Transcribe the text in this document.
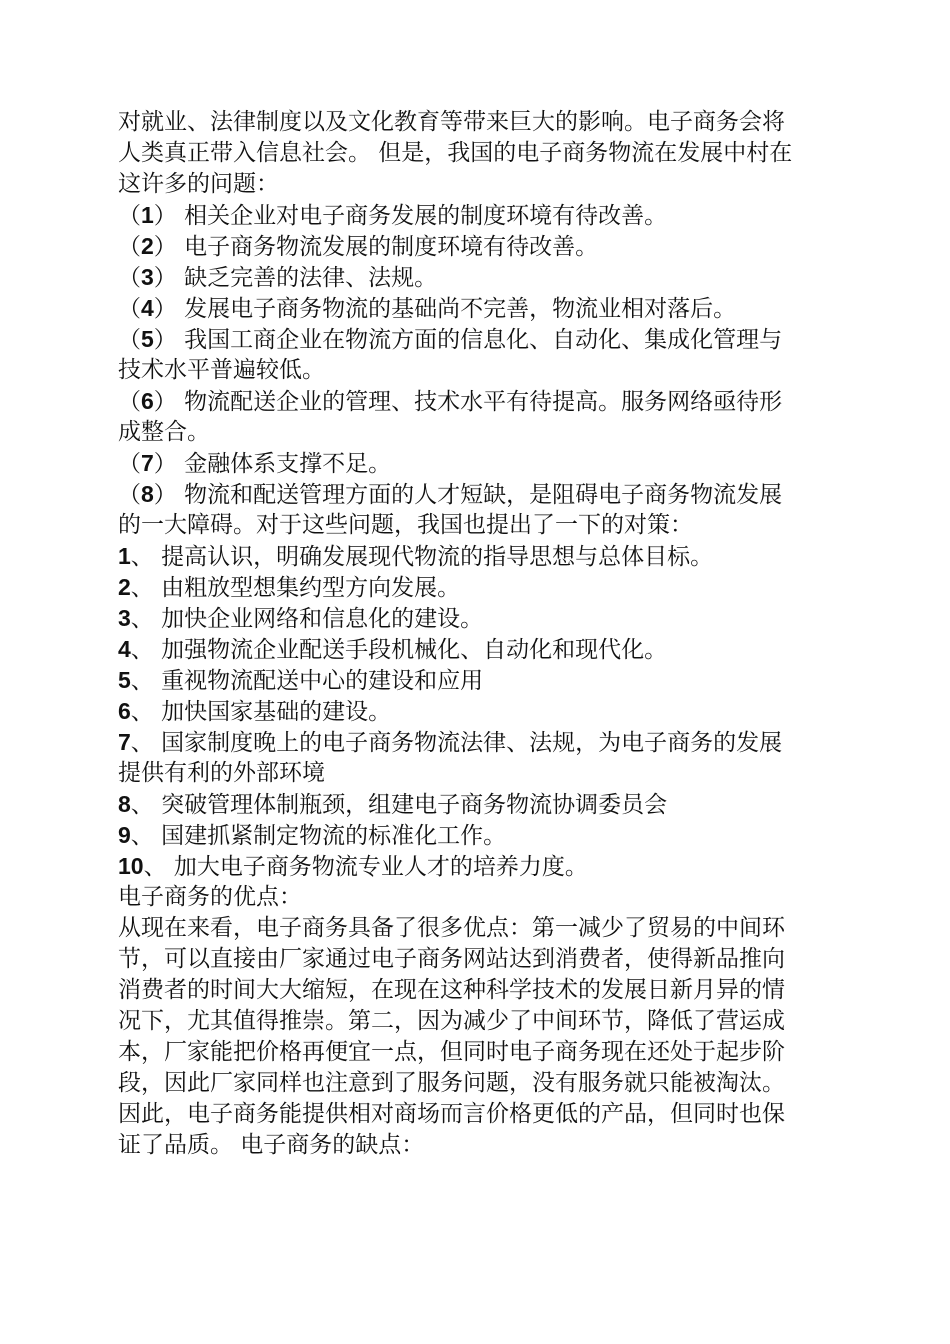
对就业、法律制度以及文化教育等带来巨大的影响。电子商务会将
人类真正带入信息社会。 但是，我国的电子商务物流在发展中村在
这许多的问题：
（1） 相关企业对电子商务发展的制度环境有待改善。
（2） 电子商务物流发展的制度环境有待改善。
（3） 缺乏完善的法律、法规。
（4） 发展电子商务物流的基础尚不完善，物流业相对落后。
（5） 我国工商企业在物流方面的信息化、自动化、集成化管理与
技术水平普遍较低。
（6） 物流配送企业的管理、技术水平有待提高。服务网络亟待形
成整合。
（7） 金融体系支撑不足。
（8） 物流和配送管理方面的人才短缺，是阻碍电子商务物流发展
的一大障碍。对于这些问题，我国也提出了一下的对策：
1、 提高认识，明确发展现代物流的指导思想与总体目标。
2、 由粗放型想集约型方向发展。
3、 加快企业网络和信息化的建设。
4、 加强物流企业配送手段机械化、自动化和现代化。
5、 重视物流配送中心的建设和应用
6、 加快国家基础的建设。
7、 国家制度晚上的电子商务物流法律、法规，为电子商务的发展
提供有利的外部环境
8、 突破管理体制瓶颈，组建电子商务物流协调委员会
9、 国建抓紧制定物流的标准化工作。
10、 加大电子商务物流专业人才的培养力度。
电子商务的优点：
从现在来看，电子商务具备了很多优点：第一减少了贸易的中间环
节，可以直接由厂家通过电子商务网站达到消费者，使得新品推向
消费者的时间大大缩短，在现在这种科学技术的发展日新月异的情
况下，尤其值得推崇。第二，因为减少了中间环节，降低了营运成
本，厂家能把价格再便宜一点，但同时电子商务现在还处于起步阶
段，因此厂家同样也注意到了服务问题，没有服务就只能被淘汰。
因此，电子商务能提供相对商场而言价格更低的产品，但同时也保
证了品质。 电子商务的缺点：
